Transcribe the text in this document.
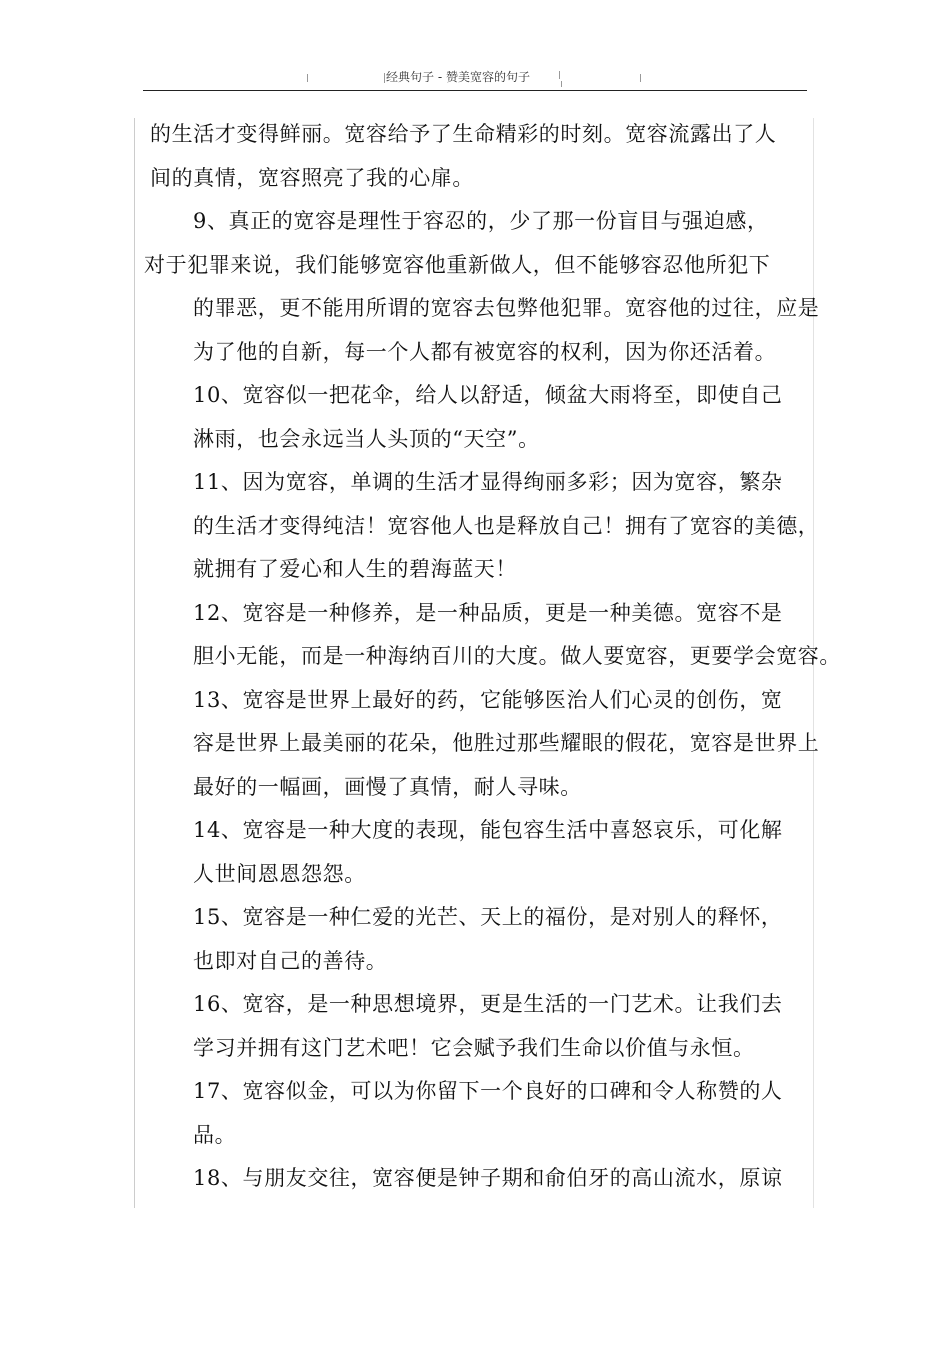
经典句子 - 赞美宽容的句子

的生活才变得鲜丽。宽容给予了生命精彩的时刻。宽容流露出了人
间的真情，宽容照亮了我的心扉。

9、真正的宽容是理性于容忍的，少了那一份盲目与强迫感，
对于犯罪来说，我们能够宽容他重新做人，但不能够容忍他所犯下
的罪恶，更不能用所谓的宽容去包弊他犯罪。宽容他的过往，应是
为了他的自新，每一个人都有被宽容的权利，因为你还活着。

10、宽容似一把花伞，给人以舒适，倾盆大雨将至，即使自己
淋雨，也会永远当人头顶的“天空”。

11、因为宽容，单调的生活才显得绚丽多彩；因为宽容，繁杂
的生活才变得纯洁！宽容他人也是释放自己！拥有了宽容的美德，
就拥有了爱心和人生的碧海蓝天！

12、宽容是一种修养，是一种品质，更是一种美德。宽容不是
胆小无能，而是一种海纳百川的大度。做人要宽容，更要学会宽容。

13、宽容是世界上最好的药，它能够医治人们心灵的创伤，宽
容是世界上最美丽的花朵，他胜过那些耀眼的假花，宽容是世界上
最好的一幅画，画慢了真情，耐人寻味。

14、宽容是一种大度的表现，能包容生活中喜怒哀乐，可化解
人世间恩恩怨怨。

15、宽容是一种仁爱的光芒、天上的福份，是对别人的释怀，
也即对自己的善待。

16、宽容，是一种思想境界，更是生活的一门艺术。让我们去
学习并拥有这门艺术吧！它会赋予我们生命以价值与永恒。

17、宽容似金，可以为你留下一个良好的口碑和令人称赞的人
品。

18、与朋友交往，宽容便是钟子期和俞伯牙的高山流水，原谅
